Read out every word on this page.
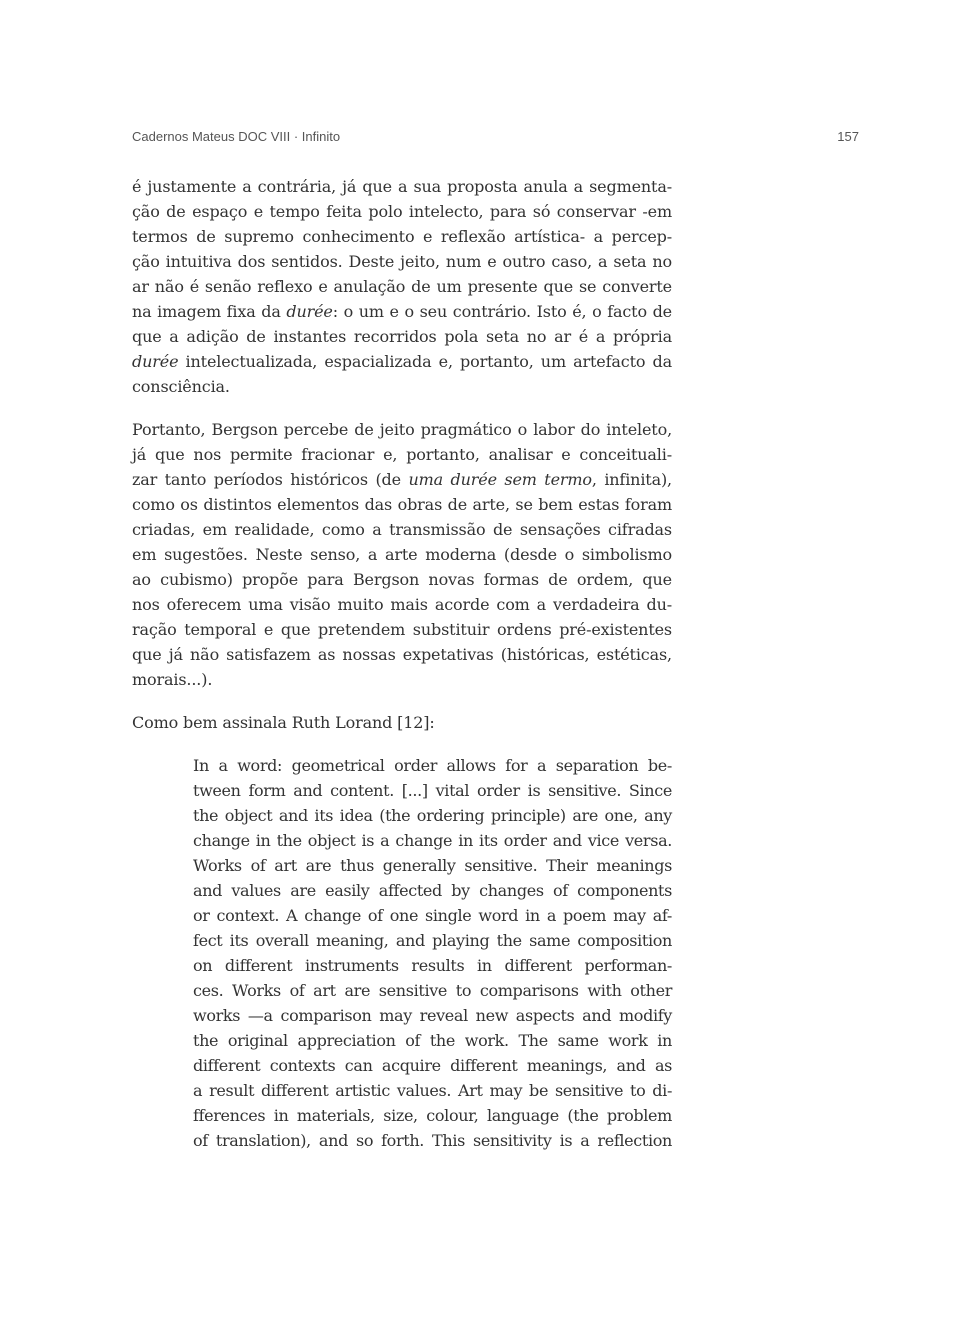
Cadernos Mateus DOC VIII · Infinito	157

é justamente a contrária, já que a sua proposta anula a segmenta-
ção de espaço e tempo feita polo intelecto, para só conservar -em
termos de supremo conhecimento e reflexão artística- a percep-
ção intuitiva dos sentidos. Deste jeito, num e outro caso, a seta no
ar não é senão reflexo e anulação de um presente que se converte
na imagem fixa da durée: o um e o seu contrário. Isto é, o facto de
que a adição de instantes recorridos pola seta no ar é a própria
durée intelectualizada, espacializada e, portanto, um artefacto da
consciência.

Portanto, Bergson percebe de jeito pragmático o labor do inteleto,
já que nos permite fracionar e, portanto, analisar e conceituali-
zar tanto períodos históricos (de uma durée sem termo, infinita),
como os distintos elementos das obras de arte, se bem estas foram
criadas, em realidade, como a transmissão de sensações cifradas
em sugestões. Neste senso, a arte moderna (desde o simbolismo
ao cubismo) propõe para Bergson novas formas de ordem, que
nos oferecem uma visão muito mais acorde com a verdadeira du-
ração temporal e que pretendem substituir ordens pré-existentes
que já não satisfazem as nossas expetativas (históricas, estéticas,
morais...).

Como bem assinala Ruth Lorand [12]:

In a word: geometrical order allows for a separation be-
tween form and content. [...] vital order is sensitive. Since
the object and its idea (the ordering principle) are one, any
change in the object is a change in its order and vice versa.
Works of art are thus generally sensitive. Their meanings
and values are easily affected by changes of components
or context. A change of one single word in a poem may af-
fect its overall meaning, and playing the same composition
on different instruments results in different performan-
ces. Works of art are sensitive to comparisons with other
works —a comparison may reveal new aspects and modify
the original appreciation of the work. The same work in
different contexts can acquire different meanings, and as
a result different artistic values. Art may be sensitive to di-
fferences in materials, size, colour, language (the problem
of translation), and so forth. This sensitivity is a reflection
